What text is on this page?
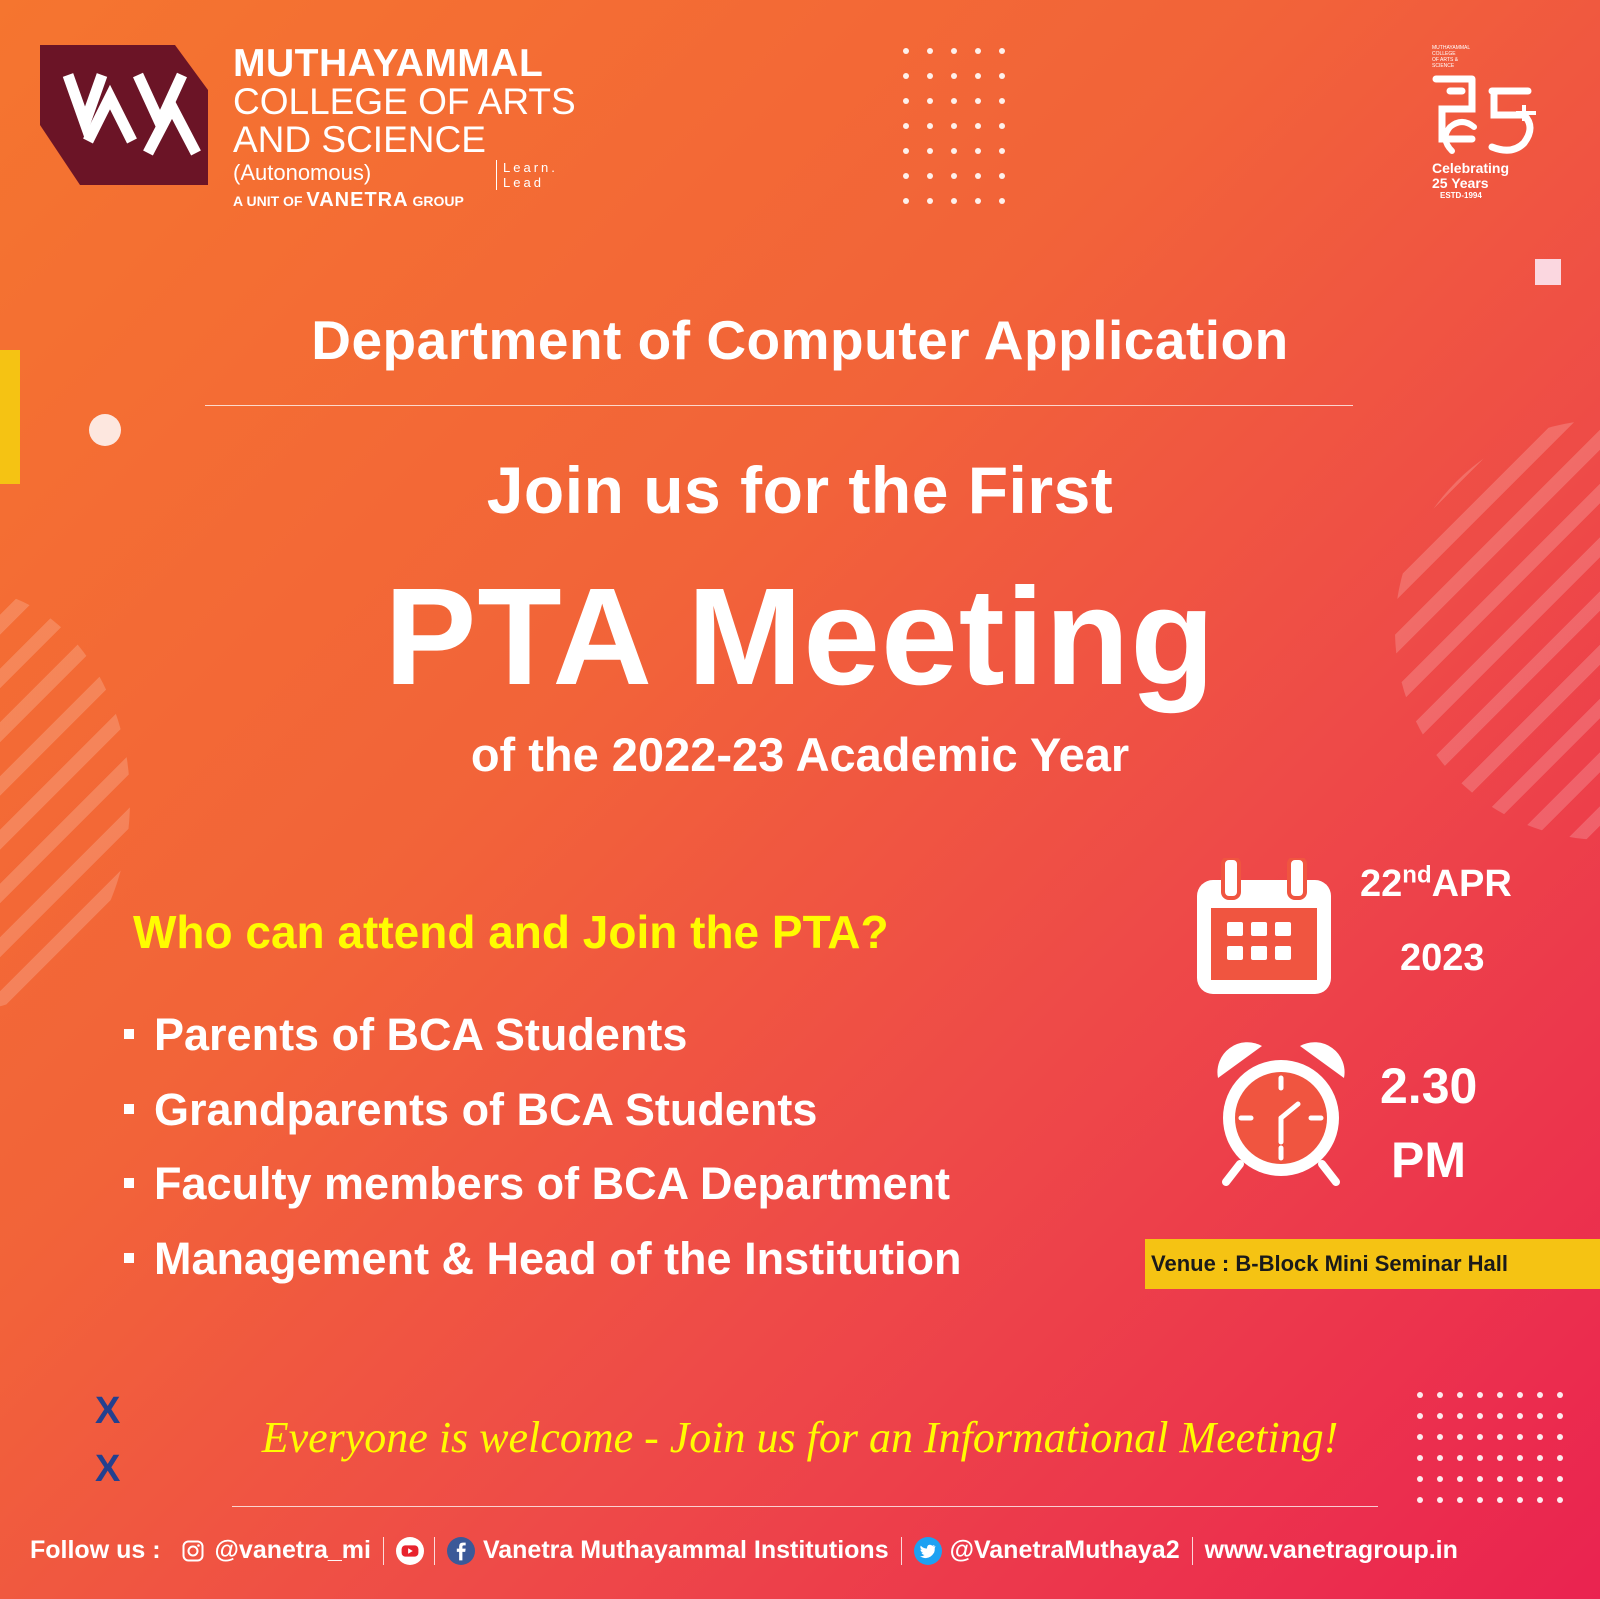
MUTHAYAMMAL
COLLEGE OF ARTS
AND SCIENCE
(Autonomous)
A UNIT OF VANETRA GROUP
Learn.
Lead
MUTHAYAMMAL
COLLEGE
OF ARTS &
SCIENCE
Celebrating
25 Years
ESTD-1994
Department of Computer Application
Join us for the First
PTA Meeting
of the 2022-23 Academic Year
Who can attend and Join the PTA?
Parents of BCA Students
Grandparents of BCA Students
Faculty members of BCA Department
Management & Head of the Institution
22ndAPR
2023
2.30
PM
Venue : B-Block Mini Seminar Hall
X
X
Everyone is welcome - Join us for an Informational Meeting!
Follow us : @vanetra_mi	Vanetra Muthayammal Institutions @VanetraMuthaya2 www.vanetragroup.in
